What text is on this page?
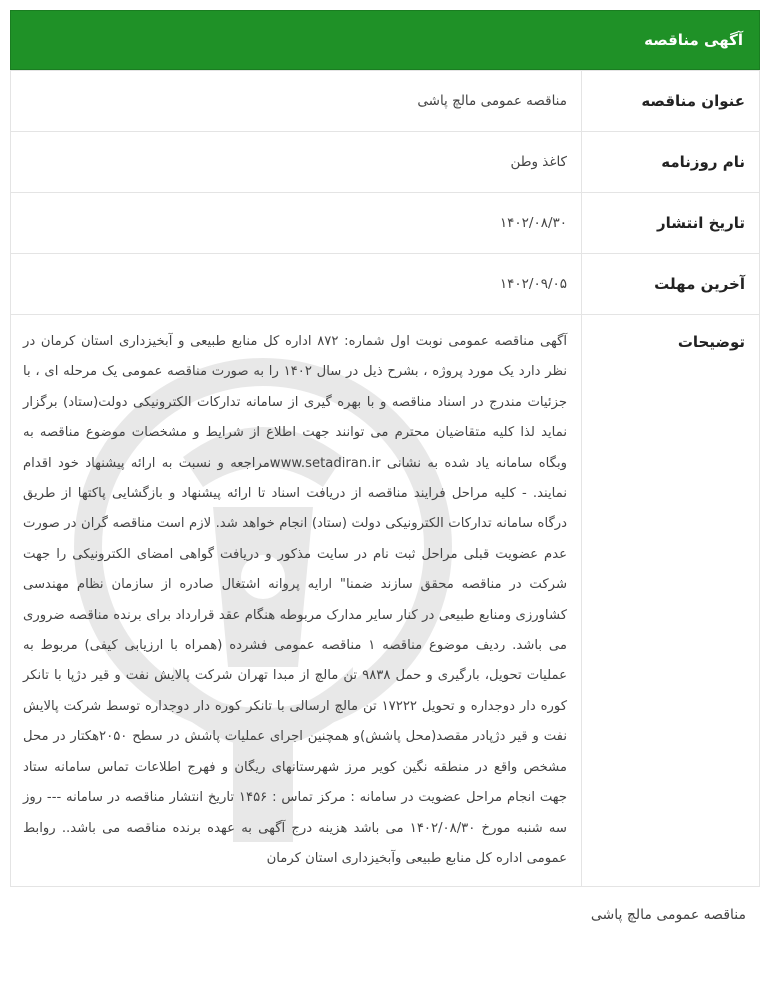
آگهی مناقصه
عنوان مناقصه	مناقصه عمومی مالچ پاشی
نام روزنامه	کاغذ وطن
تاریخ انتشار	۱۴۰۲/۰۸/۳۰
آخرین مهلت	۱۴۰۲/۰۹/۰۵
توضیحات	آگهی مناقصه عمومی نوبت اول شماره: ۸۷۲ اداره کل منابع طبیعی و آبخیزداری استان کرمان در نظر دارد یک مورد پروژه ، بشرح ذیل در سال ۱۴۰۲ را به صورت مناقصه عمومی یک مرحله ای ، با جزئیات مندرج در اسناد مناقصه و با بهره گیری از سامانه تدارکات الکترونیکی دولت(ستاد) برگزار نماید لذا کلیه متقاضیان محترم می توانند جهت اطلاع از شرایط و مشخصات موضوع مناقصه به وبگاه سامانه یاد شده به نشانی www.setadiran.irمراجعه و نسبت به ارائه پیشنهاد خود اقدام نمایند. - کلیه مراحل فرایند مناقصه از دریافت اسناد تا ارائه پیشنهاد و بازگشایی پاکتها از طریق درگاه سامانه تدارکات الکترونیکی دولت (ستاد) انجام خواهد شد. لازم است مناقصه گران در صورت عدم عضویت قبلی مراحل ثبت نام در سایت مذکور و دریافت گواهی امضای الکترونیکی را جهت شرکت در مناقصه محقق سازند ضمنا" ارایه پروانه اشتغال صادره از سازمان نظام مهندسی کشاورزی ومنابع طبیعی در کنار سایر مدارک مربوطه هنگام عقد قرارداد برای برنده مناقصه ضروری می باشد. ردیف موضوع مناقصه ۱ مناقصه عمومی فشرده (همراه با ارزیابی کیفی) مربوط به عملیات تحویل، بارگیری و حمل ۹۸۳۸ تن مالچ از مبدا تهران شرکت پالایش نفت و قیر دژپا با تانکر کوره دار دوجداره و تحویل ۱۷۲۲۲ تن مالچ ارسالی با تانکر کوره دار دوجداره توسط شرکت پالایش نفت و قیر دژپادر مقصد(محل پاشش)و همچنین اجرای عملیات پاشش در سطح ۲۰۵۰هکتار در محل مشخص واقع در منطقه نگین کویر مرز شهرستانهای ریگان و فهرج اطلاعات تماس سامانه ستاد جهت انجام مراحل عضویت در سامانه : مرکز تماس : ۱۴۵۶ تاریخ انتشار مناقصه در سامانه --- روز سه شنبه مورخ ۱۴۰۲/۰۸/۳۰ می باشد هزینه درج آگهی به عهده برنده مناقصه می باشد.. روابط عمومی اداره کل منابع طبیعی وآبخیزداری استان کرمان
مناقصه عمومی مالچ پاشی
